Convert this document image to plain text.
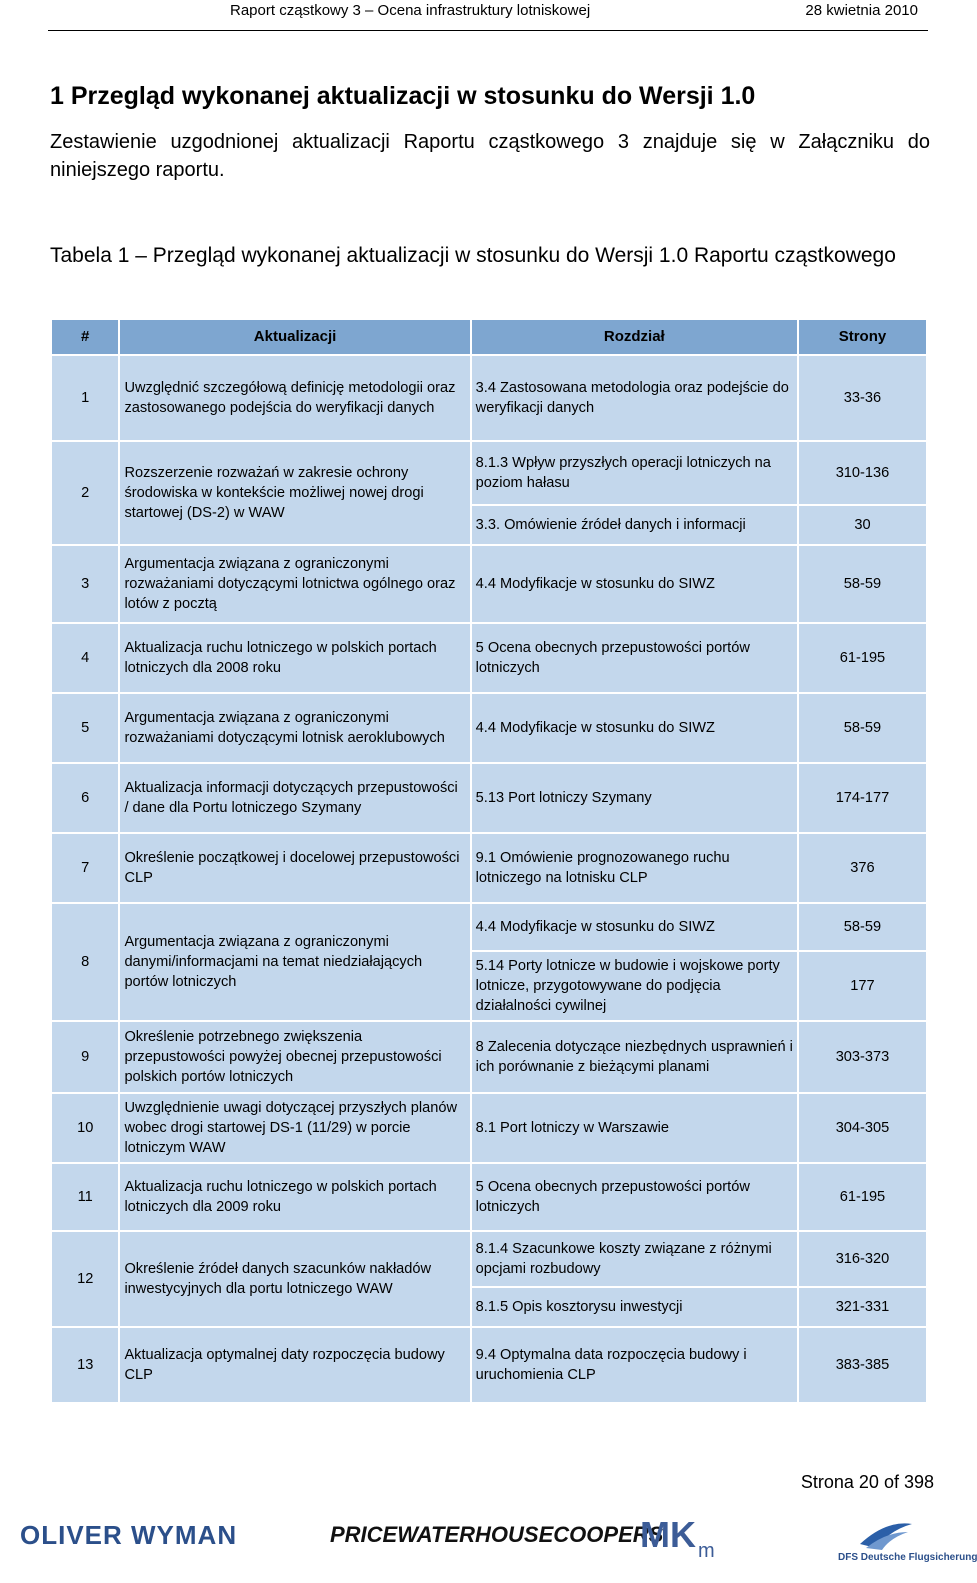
Raport cząstkowy 3 – Ocena infrastruktury lotniskowej	28 kwietnia 2010
1 Przegląd wykonanej aktualizacji w stosunku do Wersji 1.0
Zestawienie uzgodnionej aktualizacji Raportu cząstkowego 3 znajduje się w Załączniku do niniejszego raportu.
Tabela 1 – Przegląd wykonanej aktualizacji w stosunku do Wersji 1.0 Raportu cząstkowego
#	Aktualizacji	Rozdział	Strony
1	Uwzględnić szczegółową definicję metodologii oraz zastosowanego podejścia do weryfikacji danych	3.4 Zastosowana metodologia oraz podejście do weryfikacji danych	33-36
2	Rozszerzenie rozważań w zakresie ochrony środowiska w kontekście możliwej nowej drogi startowej (DS-2) w WAW	8.1.3 Wpływ przyszłych operacji lotniczych na poziom hałasu	310-136
		3.3. Omówienie źródeł danych i informacji	30
3	Argumentacja związana z ograniczonymi rozważaniami dotyczącymi lotnictwa ogólnego oraz lotów z pocztą	4.4 Modyfikacje w stosunku do SIWZ	58-59
4	Aktualizacja ruchu lotniczego w polskich portach lotniczych dla 2008 roku	5 Ocena obecnych przepustowości portów lotniczych	61-195
5	Argumentacja związana z ograniczonymi rozważaniami dotyczącymi lotnisk aeroklubowych	4.4 Modyfikacje w stosunku do SIWZ	58-59
6	Aktualizacja informacji dotyczących przepustowości / dane dla Portu lotniczego Szymany	5.13 Port lotniczy Szymany	174-177
7	Określenie początkowej i docelowej przepustowości CLP	9.1 Omówienie prognozowanego ruchu lotniczego na lotnisku CLP	376
8	Argumentacja związana z ograniczonymi danymi/informacjami na temat niedziałających portów lotniczych	4.4 Modyfikacje w stosunku do SIWZ	58-59
		5.14 Porty lotnicze w budowie i wojskowe porty lotnicze, przygotowywane do podjęcia działalności cywilnej	177
9	Określenie potrzebnego zwiększenia przepustowości powyżej obecnej przepustowości polskich portów lotniczych	8 Zalecenia dotyczące niezbędnych usprawnień i ich porównanie z bieżącymi planami	303-373
10	Uwzględnienie uwagi dotyczącej przyszłych planów wobec drogi startowej DS-1 (11/29) w porcie lotniczym WAW	8.1 Port lotniczy w Warszawie	304-305
11	Aktualizacja ruchu lotniczego w polskich portach lotniczych dla 2009 roku	5 Ocena obecnych przepustowości portów lotniczych	61-195
12	Określenie źródeł danych szacunków nakładów inwestycyjnych dla portu lotniczego WAW	8.1.4 Szacunkowe koszty związane z różnymi opcjami rozbudowy	316-320
		8.1.5 Opis kosztorysu inwestycji	321-331
13	Aktualizacja optymalnej daty rozpoczęcia budowy CLP	9.4 Optymalna data rozpoczęcia budowy i uruchomienia CLP	383-385
Strona 20 of 398
OLIVER WYMAN	PRICEWATERHOUSECOOPERS
MK m	DFS Deutsche Flugsicherung
